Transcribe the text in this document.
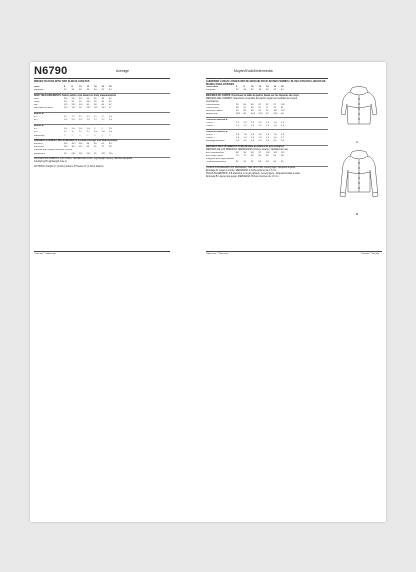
N6790	Average	Moyen/Euclid/Intermedia
MISSES' BLOUSE WITH TWO SLEEVE LENGTHS
Sizes	6	8	10	12	14	16	18
European	32	34	36	38	40	42	44
BODY MEASUREMENTS: Select pattern size based on body measurements
Bust	30½	31½	32½	34	36	38	40
Waist	23	24	25	26½	28	30	32
Hip	32½	33½	34½	36	38	40	42
Back waist to waist	15½	15¾	16	16¼	16½	16¾	17
Blouse A
45"/**	1¼	1¼	1¼	1¼	1½	1½	1⅝
60"/**	1⅛	1⅛	1⅛	1⅛	1¼	1¼	1⅜
Blouse B
45"/**	1⅞	1⅞	1⅞	1⅞	2	2	2⅛
60"/**	1½	1½	1½	1½	1⅝	1⅝	1⅞
Interfacing	½	½	½	½	½	½	½
FINISHED GARMENT MEASUREMENTS (Includes Design and Wearing Ease)
A,B Bust	34½	35½	36½	38	40	42	44
A,B Waist	29½	30½	31½	33	35	37	39
Finished back length from base of neck
Blouse A,B	24	24¼	24½	24¾	25	25¼	25½
SUGGESTED FABRICS: A,B Chiffon, Handkerchief Linen, Lightweight Jersey, Silk-like Jacquard.
Interfacing B Lightweight fuse-in.
NOTIONS: A Eight ⅜" (1,5cm) buttons. B Twelve ⅜" (1,5cm) buttons.
CHEMISIER À DEUX LONGUEURS DE MANCHE POUR JEUNES FEMMES / BLUSA CON DOS LARGOS DE MANGA PARA JÓVENES
Taille/Tallas	6	8	10	12	14	16	18
Européen	32	34	36	38	40	42	44
MESURES DU CORPS: Choisissez la taille du patron basée sur les mesures du corps
MEDIDAS DEL CUERPO: Seleccione el tamaño del patrón según las medidas del cuerpo
Centimètres
Poitrine/Busto	78	80	83	87	92	97	102
Taille/Cintura	58	61	64	67	71	76	81
Hanches/Cadera	83	85	88	92	97	102	107
Nuque/Talle	39,5	40	40,5	41,5	42	42,5	44
Chemisier A/Blusa A
115cm**/***	1,2	1,2	1,2	1,2	1,4	1,4	1,5
150cm**/***	1,1	1,1	1,1	1,1	1,2	1,2	1,3
Chemisier B/Blusa B
115cm**/***	1,8	1,8	1,8	1,8	1,9	1,9	2,0
150cm**/***	1,4	1,4	1,4	1,4	1,5	1,5	1,7
Entoilage/Entretela	0,5	0,5	0,5	0,5	0,5	0,5	0,5
MESURES DES VÊTEMENTS FINIS (Modèle et aisance de port compris)
MEDIDAS DE LAS PRENDAS TERMINADAS (Incluye diseño y facilidad de uso)
A,B Poitrine/Busto	88	90	93	97	102	107	112
A,B Taille/Cintura	75	77	80	84	89	94	99
Longueur dos/Largo espalda
Chemisier/Blusa A,B	61	62	62	63	64	64	65
TISSUS CONSEILLÉS: A,B Mousseline, Toile de lin fine, Jersey léger, Jacquard soyeux.
Entoilage B: Léger à coudre. MERCERIA: A Ocho botones de 1,5 cm.
TELAS SUGERIDAS: A,B Muselina, Lino de pañuelo, Jersey ligero, Jacquard similar a seda.
Entretela B: Ligera para pegar. MERCERÍA: B Doce botones de 1,5 cm.
* with nap ** without nap	* Avec sens ** Sans sens	* Con pelo ** Sin pelo
A
B
